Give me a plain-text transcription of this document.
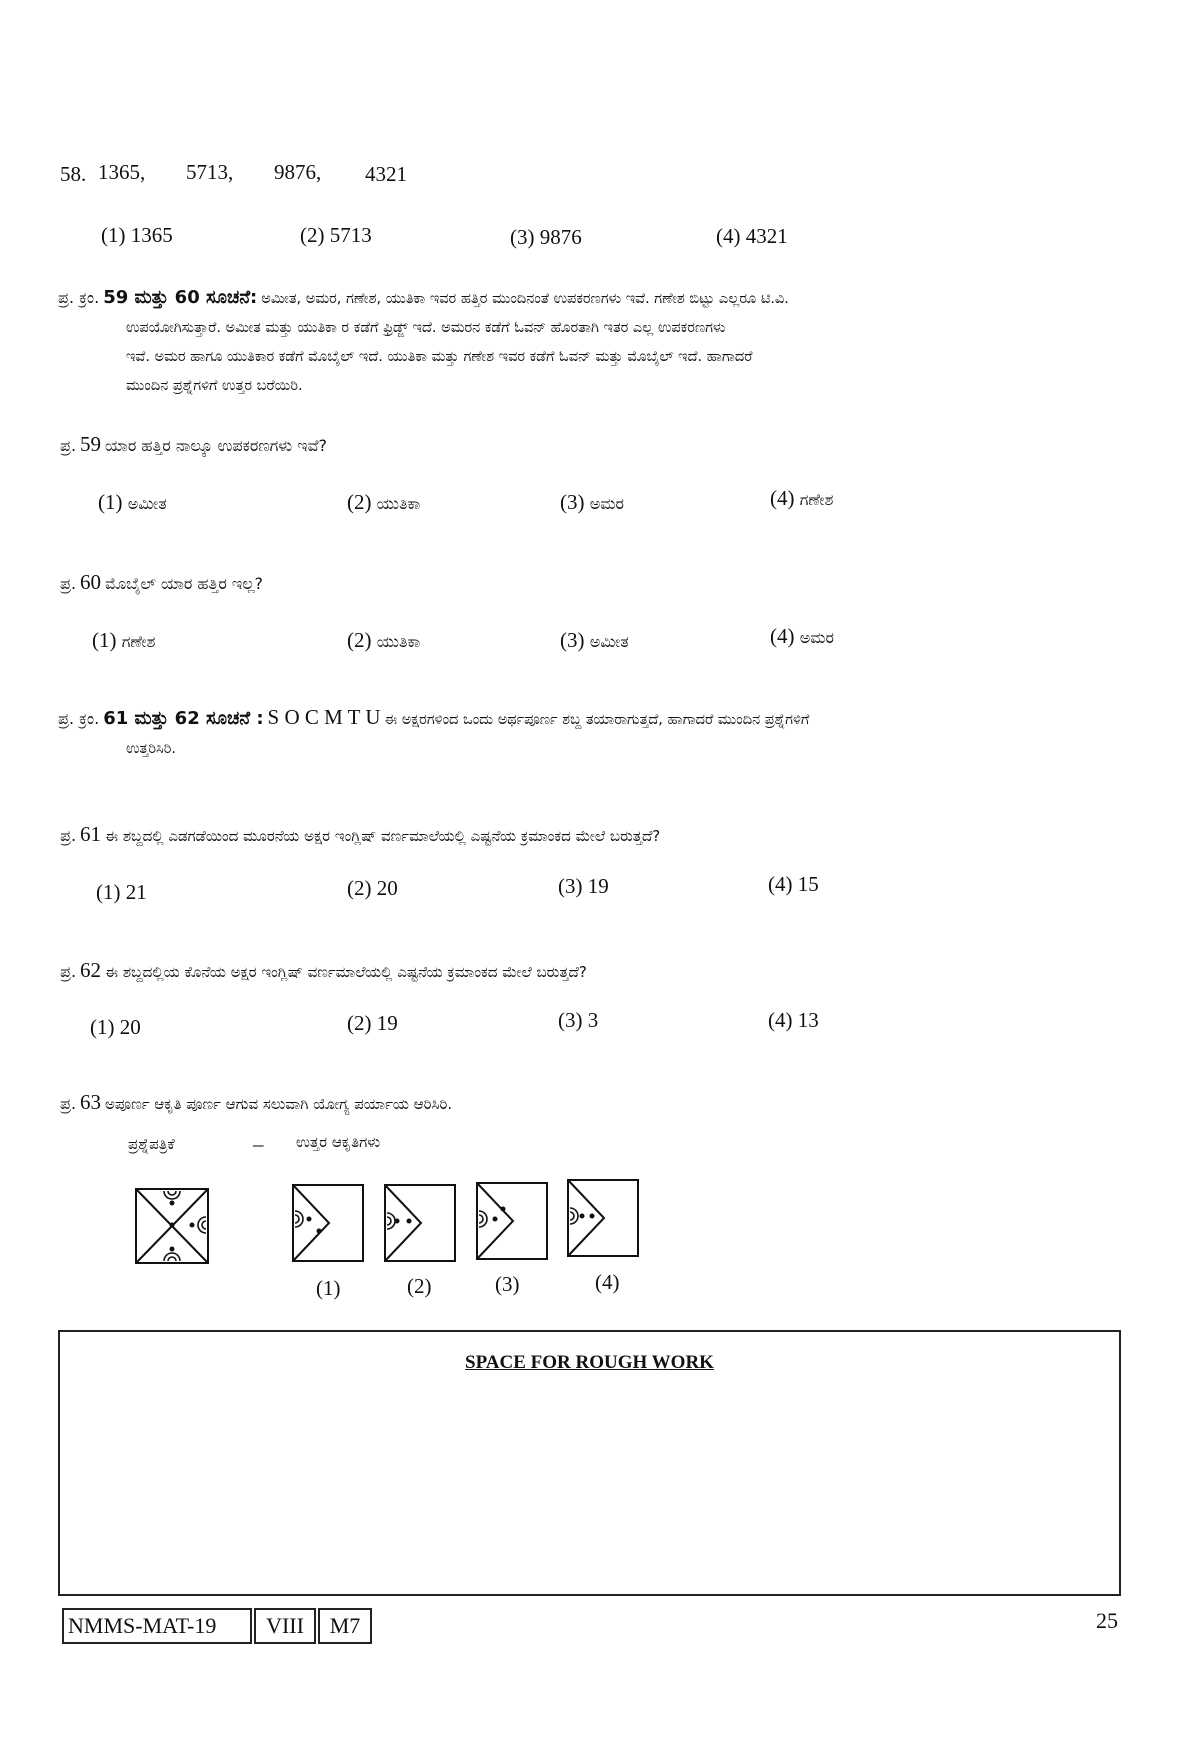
58. 1365, 5713, 9876, 4321
(1) 1365	(2) 5713	(3) 9876	(4) 4321
ಪ್ರ. ಕ್ರಂ. 59 ಮತ್ತು 60 ಸೂಚನೆ: ಅಮೀತ, ಅಮರ, ಗಣೇಶ, ಯುತಿಕಾ ಇವರ ಹತ್ತಿರ ಮುಂದಿನಂತೆ ಉಪಕರಣಗಳು ಇವೆ. ಗಣೇಶ ಬಿಟ್ಟು ಎಲ್ಲರೂ ಟಿ.ವಿ.
ಉಪಯೋಗಿಸುತ್ತಾರೆ. ಅಮೀತ ಮತ್ತು ಯುತಿಕಾ ರ ಕಡೆಗೆ ಫ್ರಿಡ್ಜ್ ಇದೆ. ಅಮರನ ಕಡೆಗೆ ಓವನ್ ಹೊರತಾಗಿ ಇತರ ಎಲ್ಲ ಉಪಕರಣಗಳು
ಇವೆ. ಅಮರ ಹಾಗೂ ಯುತಿಕಾರ ಕಡೆಗೆ ಮೊಬೈಲ್ ಇದೆ. ಯುತಿಕಾ ಮತ್ತು ಗಣೇಶ ಇವರ ಕಡೆಗೆ ಓವನ್ ಮತ್ತು ಮೊಬೈಲ್ ಇದೆ. ಹಾಗಾದರೆ
ಮುಂದಿನ ಪ್ರಶ್ನೆಗಳಿಗೆ ಉತ್ತರ ಬರೆಯಿರಿ.
ಪ್ರ. 59 ಯಾರ ಹತ್ತಿರ ನಾಲ್ಕೂ ಉಪಕರಣಗಳು ಇವೆ?
(1) ಅಮೀತ	(2) ಯುತಿಕಾ	(3) ಅಮರ	(4) ಗಣೇಶ
ಪ್ರ. 60 ಮೊಬೈಲ್ ಯಾರ ಹತ್ತಿರ ಇಲ್ಲ?
(1) ಗಣೇಶ	(2) ಯುತಿಕಾ	(3) ಅಮೀತ	(4) ಅಮರ
ಪ್ರ. ಕ್ರಂ. 61 ಮತ್ತು 62 ಸೂಚನೆ : S O C M T U ಈ ಅಕ್ಷರಗಳಿಂದ ಒಂದು ಅರ್ಥಪೂರ್ಣ ಶಬ್ದ ತಯಾರಾಗುತ್ತದೆ, ಹಾಗಾದರೆ ಮುಂದಿನ ಪ್ರಶ್ನೆಗಳಿಗೆ
ಉತ್ತರಿಸಿರಿ.
ಪ್ರ. 61 ಈ ಶಬ್ದದಲ್ಲಿ ಎಡಗಡೆಯಿಂದ ಮೂರನೆಯ ಅಕ್ಷರ ಇಂಗ್ಲಿಷ್ ವರ್ಣಮಾಲೆಯಲ್ಲಿ ಎಷ್ಟನೆಯ ಕ್ರಮಾಂಕದ ಮೇಲೆ ಬರುತ್ತದೆ?
(1) 21	(2) 20	(3) 19	(4) 15
ಪ್ರ. 62 ಈ ಶಬ್ದದಲ್ಲಿಯ ಕೊನೆಯ ಅಕ್ಷರ ಇಂಗ್ಲಿಷ್ ವರ್ಣಮಾಲೆಯಲ್ಲಿ ಎಷ್ಟನೆಯ ಕ್ರಮಾಂಕದ ಮೇಲೆ ಬರುತ್ತದೆ?
(1) 20	(2) 19	(3) 3	(4) 13
ಪ್ರ. 63 ಅಪೂರ್ಣ ಆಕೃತಿ ಪೂರ್ಣ ಆಗುವ ಸಲುವಾಗಿ ಯೋಗ್ಯ ಪರ್ಯಾಯ ಆರಿಸಿರಿ.
ಪ್ರಶ್ನೆಪತ್ರಿಕೆ	– ಉತ್ತರ ಆಕೃತಿಗಳು
(1)	(2)	(3)	(4)
SPACE FOR ROUGH WORK
NMMS-MAT-19	VIII	M7	25
